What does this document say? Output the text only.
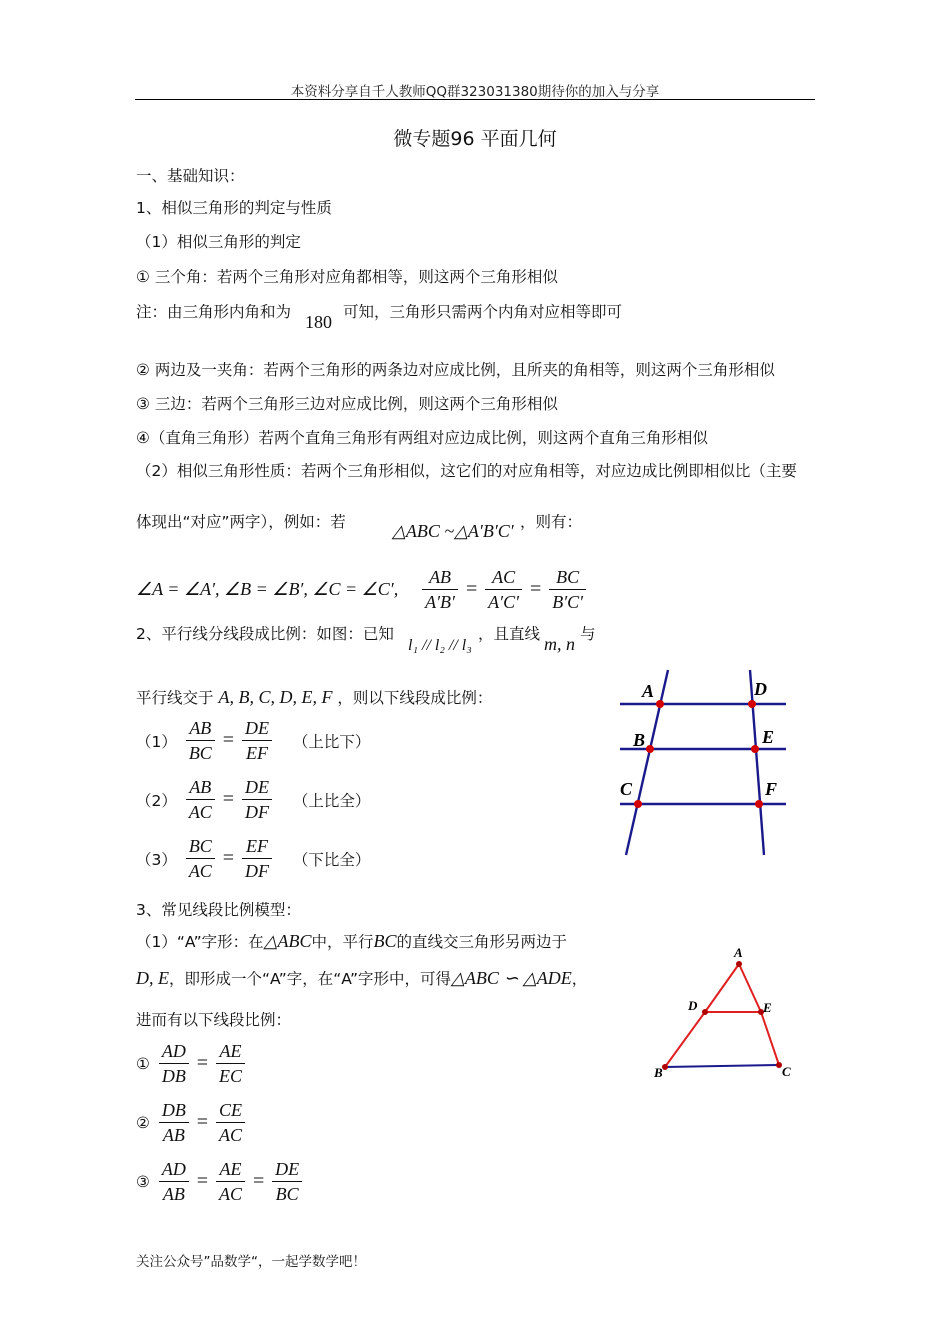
本资料分享自千人教师QQ群323031380期待你的加入与分享
微专题96 平面几何
一、基础知识：
1、相似三角形的判定与性质
（1）相似三角形的判定
① 三个角：若两个三角形对应角都相等，则这两个三角形相似
注：由三角形内角和为 180 可知，三角形只需两个内角对应相等即可
② 两边及一夹角：若两个三角形的两条边对应成比例，且所夹的角相等，则这两个三角形相似
③ 三边：若两个三角形三边对应成比例，则这两个三角形相似
④（直角三角形）若两个直角三角形有两组对应边成比例，则这两个直角三角形相似
（2）相似三角形性质：若两个三角形相似，这它们的对应角相等，对应边成比例即相似比（主要
体现出“对应”两字），例如：若	△ABC ~△A′B′C′ ，则有：
∠A = ∠A′, ∠B = ∠B′, ∠C = ∠C′, $\frac{AB}{A'B'} = \frac{AC}{A'C'} = \frac{BC}{B'C'}$
2、平行线分线段成比例：如图：已知
l₁ // l₂ // l₃
，且直线 m, n 与
平行线交于 A, B, C, D, E, F ，则以下线段成比例：
$(1) \frac{AB}{BC} = \frac{DE}{EF}$ （上比下）
$(2) \frac{AB}{AC} = \frac{DE}{DF}$ （上比全）
$(3) \frac{BC}{AC} = \frac{EF}{DF}$ （下比全）
A
B
C
D
E
F
3、常见线段比例模型：
（1）“A”字形：在△ABC中，平行BC的直线交三角形另两边于
D, E，即形成一个“A”字，在“A”字形中，可得△ABC ∽ △ADE，
进而有以下线段比例：
① $\frac{AD}{DB} = \frac{AE}{EC}$
② $\frac{DB}{AB} = \frac{CE}{AC}$
③ $\frac{AD}{AB} = \frac{AE}{AC} = \frac{DE}{BC}$
A
D	E
B	C
关注公众号”品数学“，一起学数学吧！
